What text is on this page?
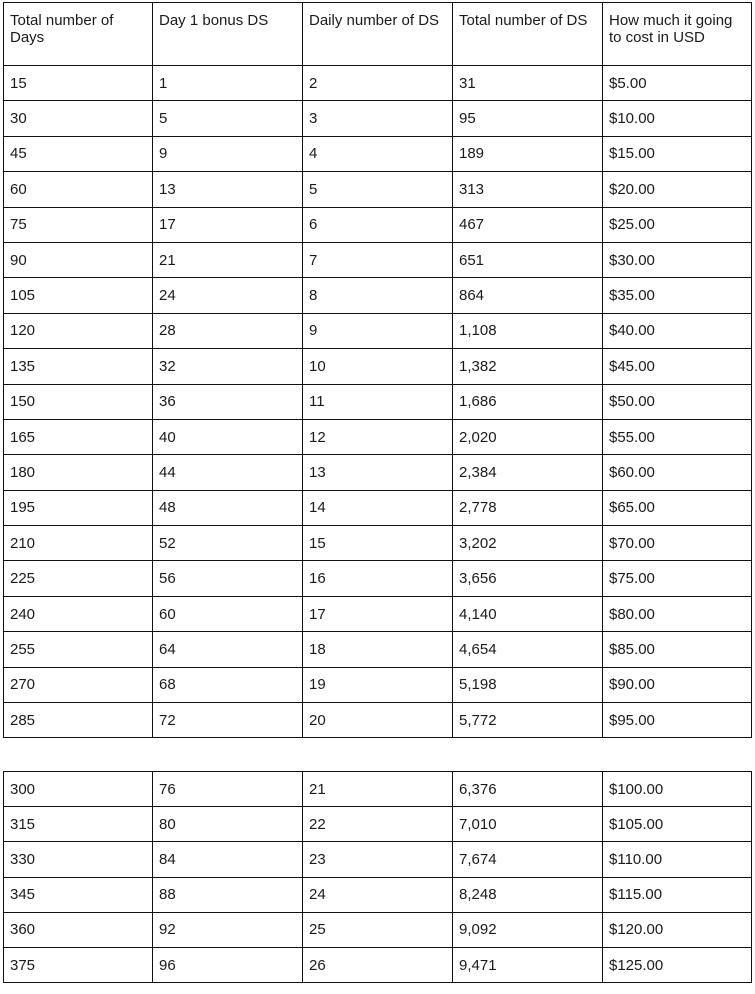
Total number of Days	Day 1 bonus DS	Daily number of DS	Total number of DS	How much it going to cost in USD
15	1	2	31	$5.00
30	5	3	95	$10.00
45	9	4	189	$15.00
60	13	5	313	$20.00
75	17	6	467	$25.00
90	21	7	651	$30.00
105	24	8	864	$35.00
120	28	9	1,108	$40.00
135	32	10	1,382	$45.00
150	36	11	1,686	$50.00
165	40	12	2,020	$55.00
180	44	13	2,384	$60.00
195	48	14	2,778	$65.00
210	52	15	3,202	$70.00
225	56	16	3,656	$75.00
240	60	17	4,140	$80.00
255	64	18	4,654	$85.00
270	68	19	5,198	$90.00
285	72	20	5,772	$95.00
300	76	21	6,376	$100.00
315	80	22	7,010	$105.00
330	84	23	7,674	$110.00
345	88	24	8,248	$115.00
360	92	25	9,092	$120.00
375	96	26	9,471	$125.00
